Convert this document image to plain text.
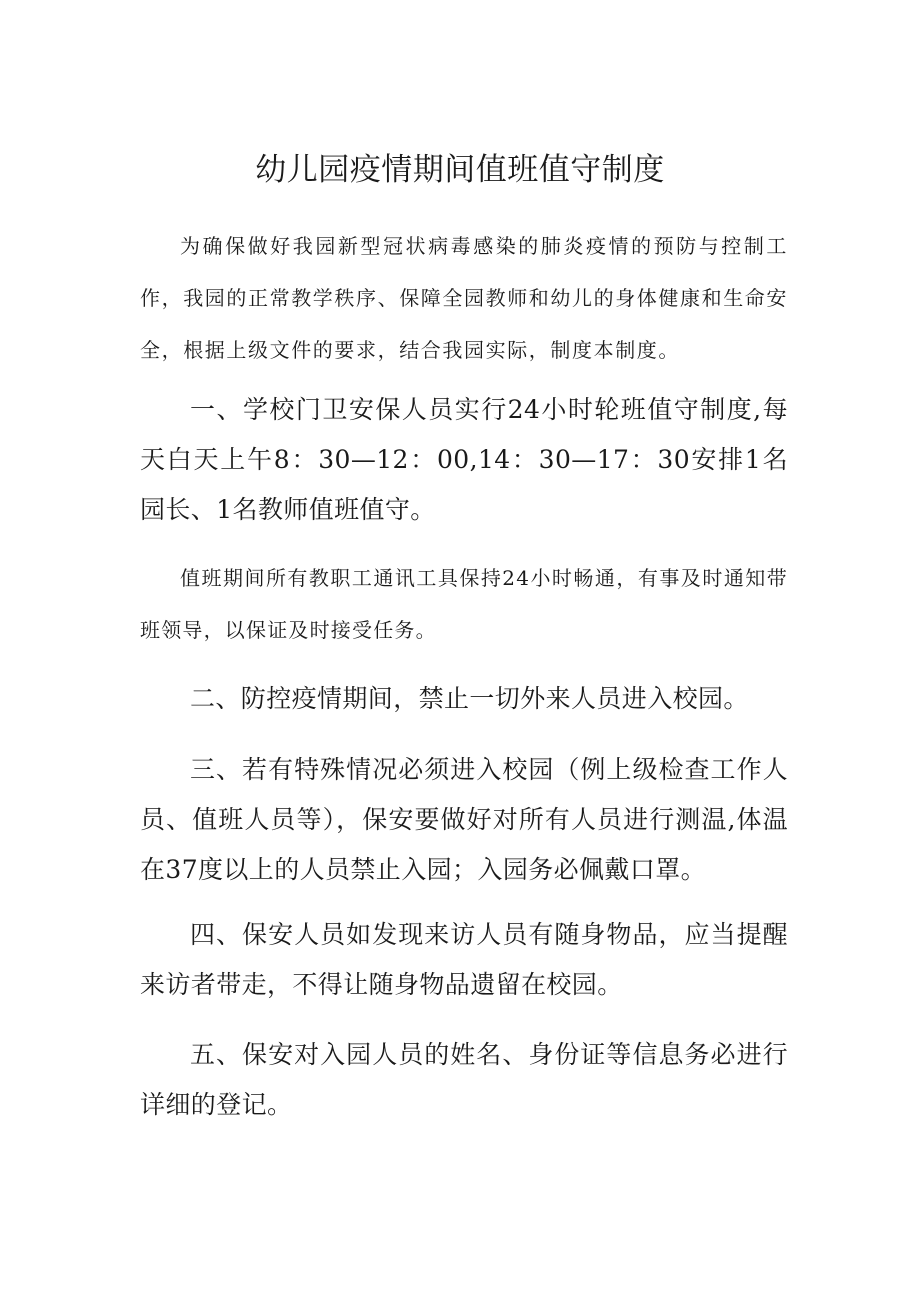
幼儿园疫情期间值班值守制度

为确保做好我园新型冠状病毒感染的肺炎疫情的预防与控制工作，我园的正常教学秩序、保障全园教师和幼儿的身体健康和生命安全，根据上级文件的要求，结合我园实际，制度本制度。

一、学校门卫安保人员实行24小时轮班值守制度,每天白天上午8：30—12：00,14：30—17：30安排1名园长、1名教师值班值守。

值班期间所有教职工通讯工具保持24小时畅通，有事及时通知带班领导，以保证及时接受任务。

二、防控疫情期间，禁止一切外来人员进入校园。

三、若有特殊情况必须进入校园（例上级检查工作人员、值班人员等），保安要做好对所有人员进行测温,体温在37度以上的人员禁止入园；入园务必佩戴口罩。

四、保安人员如发现来访人员有随身物品，应当提醒来访者带走，不得让随身物品遗留在校园。

五、保安对入园人员的姓名、身份证等信息务必进行详细的登记。
